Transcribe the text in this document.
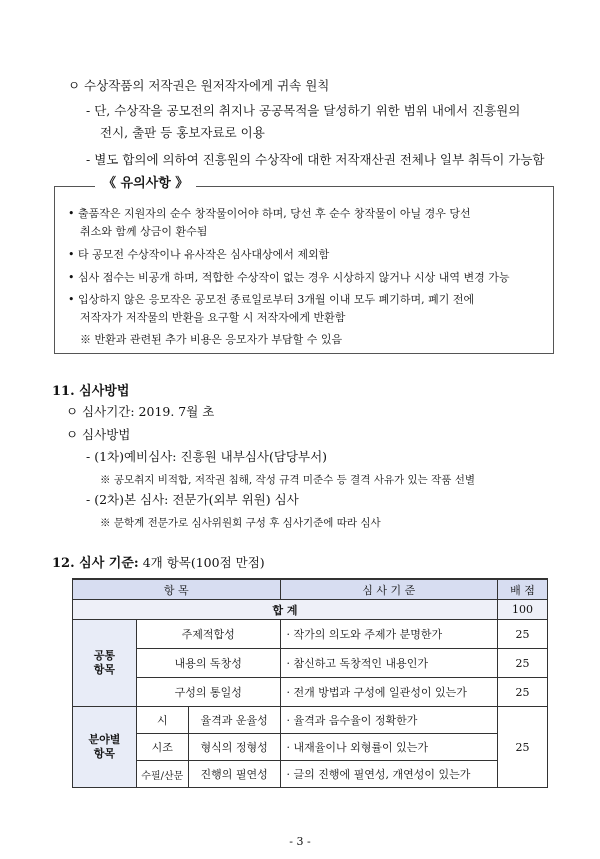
ㅇ 수상작품의 저작권은 원저작자에게 귀속 원칙
- 단, 수상작을 공모전의 취지나 공공목적을 달성하기 위한 범위 내에서 진흥원의
전시, 출판 등 홍보자료로 이용
- 별도 합의에 의하여 진흥원의 수상작에 대한 저작재산권 전체나 일부 취득이 가능함
《 유의사항 》
• 출품작은 지원자의 순수 창작물이어야 하며, 당선 후 순수 창작물이 아닐 경우 당선
취소와 함께 상금이 환수됨
• 타 공모전 수상작이나 유사작은 심사대상에서 제외함
• 심사 점수는 비공개 하며, 적합한 수상작이 없는 경우 시상하지 않거나 시상 내역 변경 가능
• 입상하지 않은 응모작은 공모전 종료일로부터 3개월 이내 모두 폐기하며, 폐기 전에
저작자가 저작물의 반환을 요구할 시 저작자에게 반환함
※ 반환과 관련된 추가 비용은 응모자가 부담할 수 있음
11. 심사방법
ㅇ 심사기간: 2019. 7월 초
ㅇ 심사방법
- (1차)예비심사: 진흥원 내부심사(담당부서)
※ 공모취지 비적합, 저작권 침해, 작성 규격 미준수 등 결격 사유가 있는 작품 선별
- (2차)본 심사: 전문가(외부 위원) 심사
※ 문학계 전문가로 심사위원회 구성 후 심사기준에 따라 심사
12. 심사 기준: 4개 항목(100점 만점)
항 목			심 사 기 준	배 점
합 계				100
공통
항목	주제적합성		· 작가의 의도와 주제가 분명한가	25
	내용의 독창성		· 참신하고 독창적인 내용인가	25
	구성의 통일성		· 전개 방법과 구성에 일관성이 있는가	25
분야별
항목	시	율격과 운율성	· 율격과 음수율이 정확한가	25
	시조	형식의 정형성	· 내재율이나 외형률이 있는가	
	수필/산문	진행의 필연성	· 글의 진행에 필연성, 개연성이 있는가	
- 3 -
